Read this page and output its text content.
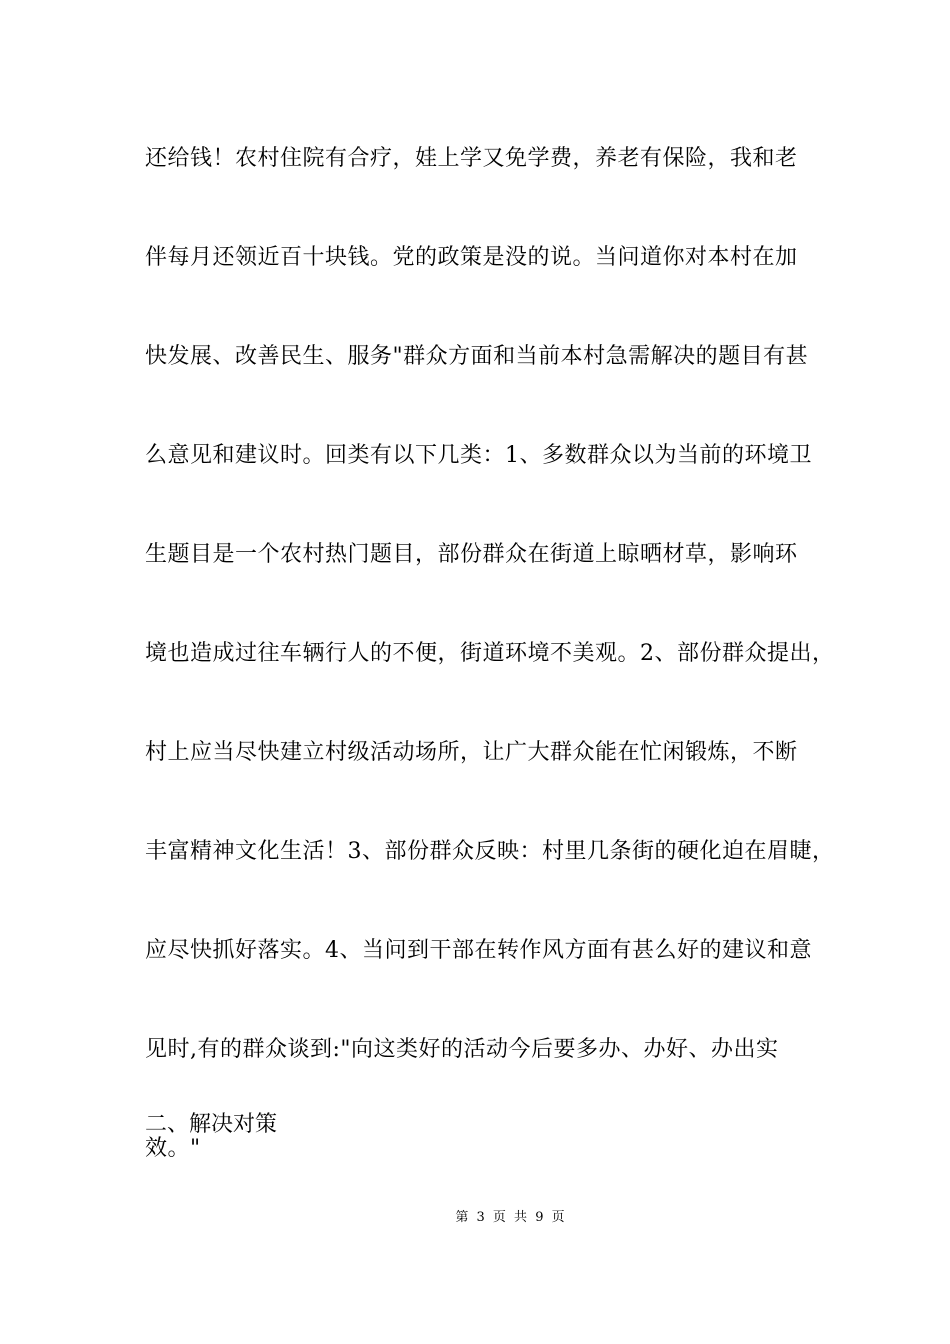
还给钱！农村住院有合疗，娃上学又免学费，养老有保险，我和老
伴每月还领近百十块钱。党的政策是没的说。当问道你对本村在加
快发展、改善民生、服务"群众方面和当前本村急需解决的题目有甚
么意见和建议时。回类有以下几类：1、多数群众以为当前的环境卫
生题目是一个农村热门题目，部份群众在街道上晾晒材草，影响环
境也造成过往车辆行人的不便，街道环境不美观。2、部份群众提出，
村上应当尽快建立村级活动场所，让广大群众能在忙闲锻炼，不断
丰富精神文化生活！3、部份群众反映：村里几条街的硬化迫在眉睫，
应尽快抓好落实。4、当问到干部在转作风方面有甚么好的建议和意
见时,有的群众谈到:"向这类好的活动今后要多办、办好、办出实
效。"
二、解决对策
第 3 页 共 9 页
